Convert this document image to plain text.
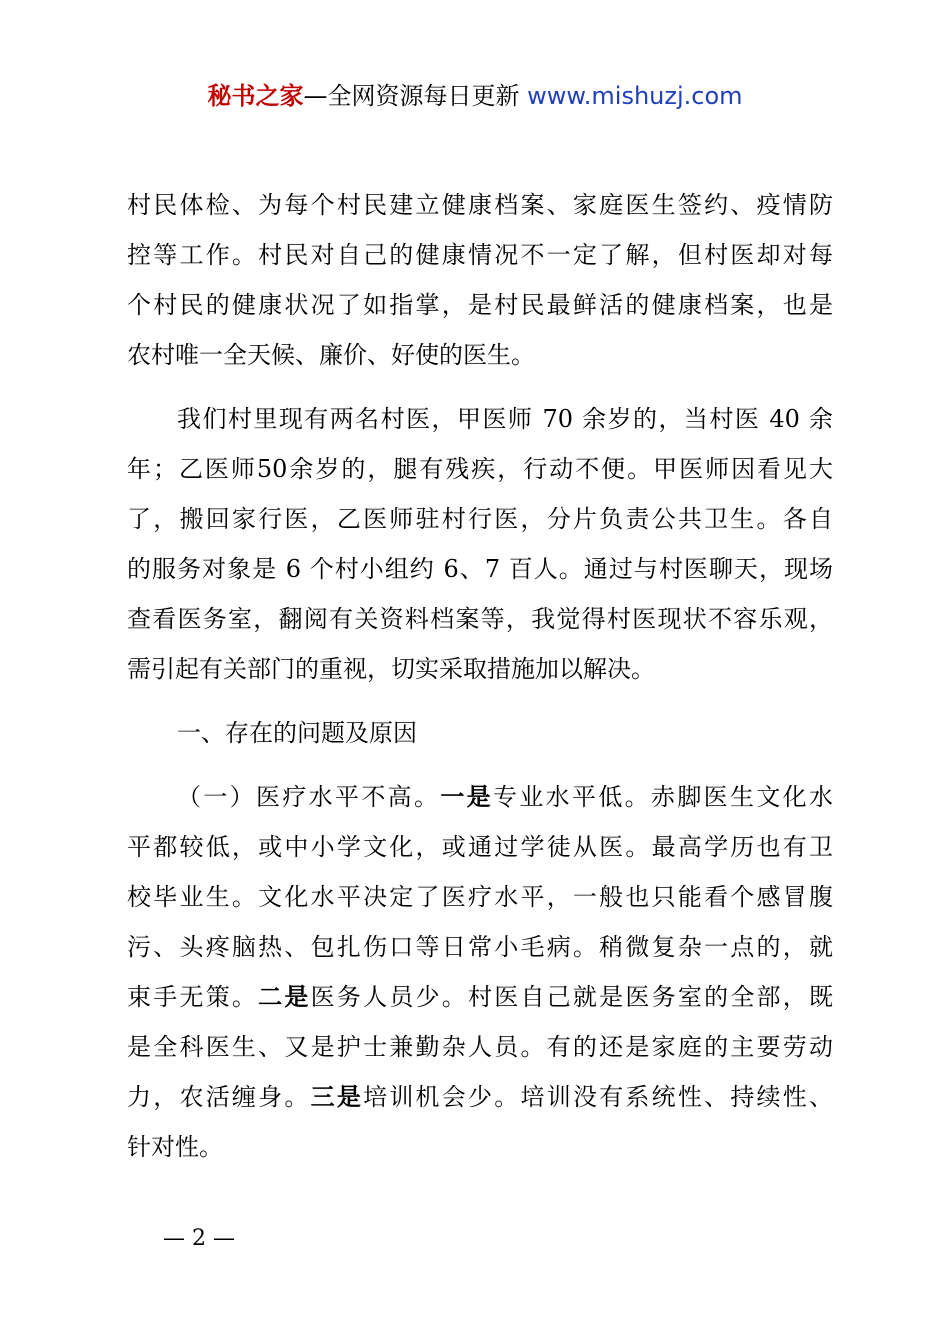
秘书之家—全网资源每日更新 www.mishuzj.com
村民体检、为每个村民建立健康档案、家庭医生签约、疫情防
控等工作。村民对自己的健康情况不一定了解，但村医却对每
个村民的健康状况了如指掌，是村民最鲜活的健康档案，也是
农村唯一全天候、廉价、好使的医生。
我们村里现有两名村医，甲医师 70 余岁的，当村医 40 余
年；乙医师50余岁的，腿有残疾，行动不便。甲医师因看见大
了，搬回家行医，乙医师驻村行医，分片负责公共卫生。各自
的服务对象是 6 个村小组约 6、7 百人。通过与村医聊天，现场
查看医务室，翻阅有关资料档案等，我觉得村医现状不容乐观，
需引起有关部门的重视，切实采取措施加以解决。
一、存在的问题及原因
（一）医疗水平不高。一是专业水平低。赤脚医生文化水
平都较低，或中小学文化，或通过学徒从医。最高学历也有卫
校毕业生。文化水平决定了医疗水平，一般也只能看个感冒腹
污、头疼脑热、包扎伤口等日常小毛病。稍微复杂一点的，就
束手无策。二是医务人员少。村医自己就是医务室的全部，既
是全科医生、又是护士兼勤杂人员。有的还是家庭的主要劳动
力，农活缠身。三是培训机会少。培训没有系统性、持续性、
针对性。
— 2 —
